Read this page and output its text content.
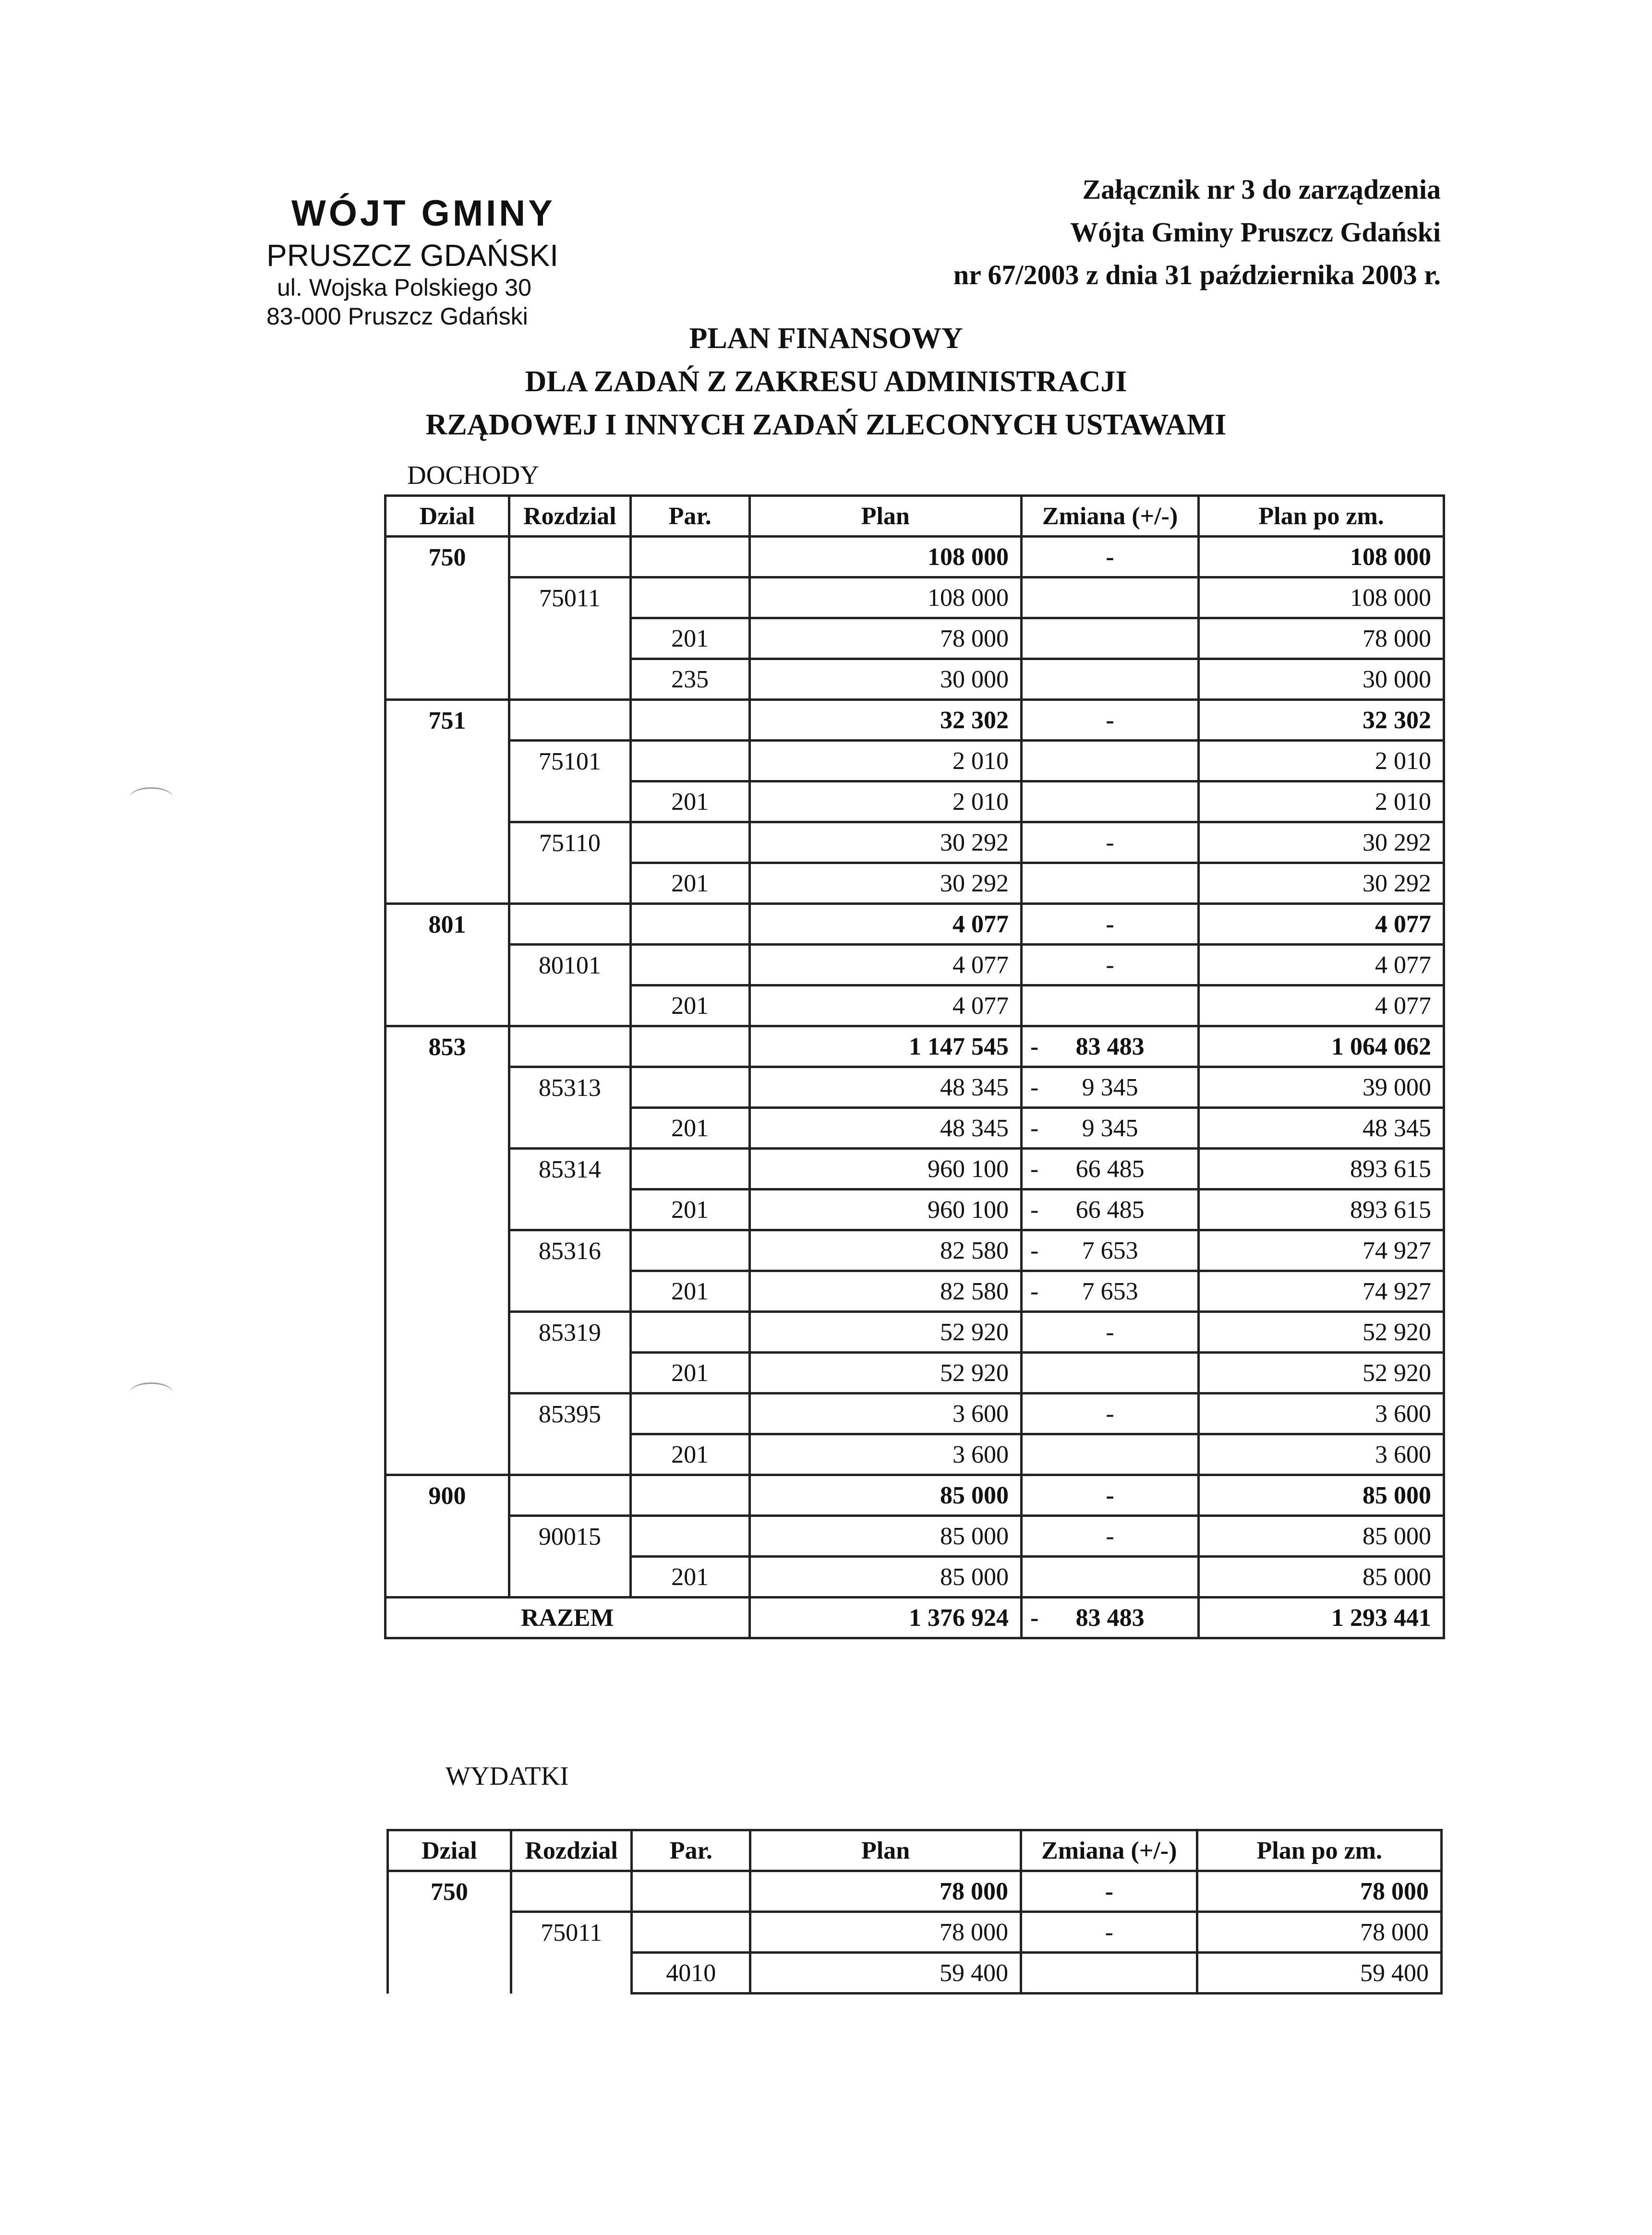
WÓJT GMINY
PRUSZCZ GDAŃSKI
ul. Wojska Polskiego 30
83-000 Pruszcz Gdański
Załącznik nr 3 do zarządzenia
Wójta Gminy Pruszcz Gdański
nr 67/2003 z dnia 31 października 2003 r.
PLAN FINANSOWY
DLA ZADAŃ Z ZAKRESU ADMINISTRACJI
RZĄDOWEJ I INNYCH ZADAŃ ZLECONYCH USTAWAMI
DOCHODY
Dzial	Rozdzial	Par.	Plan	Zmiana (+/-)	Plan po zm.
750			108 000	-	108 000
	75011		108 000		108 000
		201	78 000		78 000
		235	30 000		30 000
751			32 302	-	32 302
	75101		2 010		2 010
		201	2 010		2 010
	75110		30 292	-	30 292
		201	30 292		30 292
801			4 077	-	4 077
	80101		4 077	-	4 077
		201	4 077		4 077
853			1 147 545	- 83 483	1 064 062
	85313		48 345	- 9 345	39 000
		201	48 345	- 9 345	48 345
	85314		960 100	- 66 485	893 615
		201	960 100	- 66 485	893 615
	85316		82 580	- 7 653	74 927
		201	82 580	- 7 653	74 927
	85319		52 920	-	52 920
		201	52 920		52 920
	85395		3 600	-	3 600
		201	3 600		3 600
900			85 000	-	85 000
	90015		85 000	-	85 000
		201	85 000		85 000
RAZEM			1 376 924	- 83 483	1 293 441
WYDATKI
Dzial	Rozdzial	Par.	Plan	Zmiana (+/-)	Plan po zm.
750			78 000	-	78 000
	75011		78 000	-	78 000
		4010	59 400		59 400
